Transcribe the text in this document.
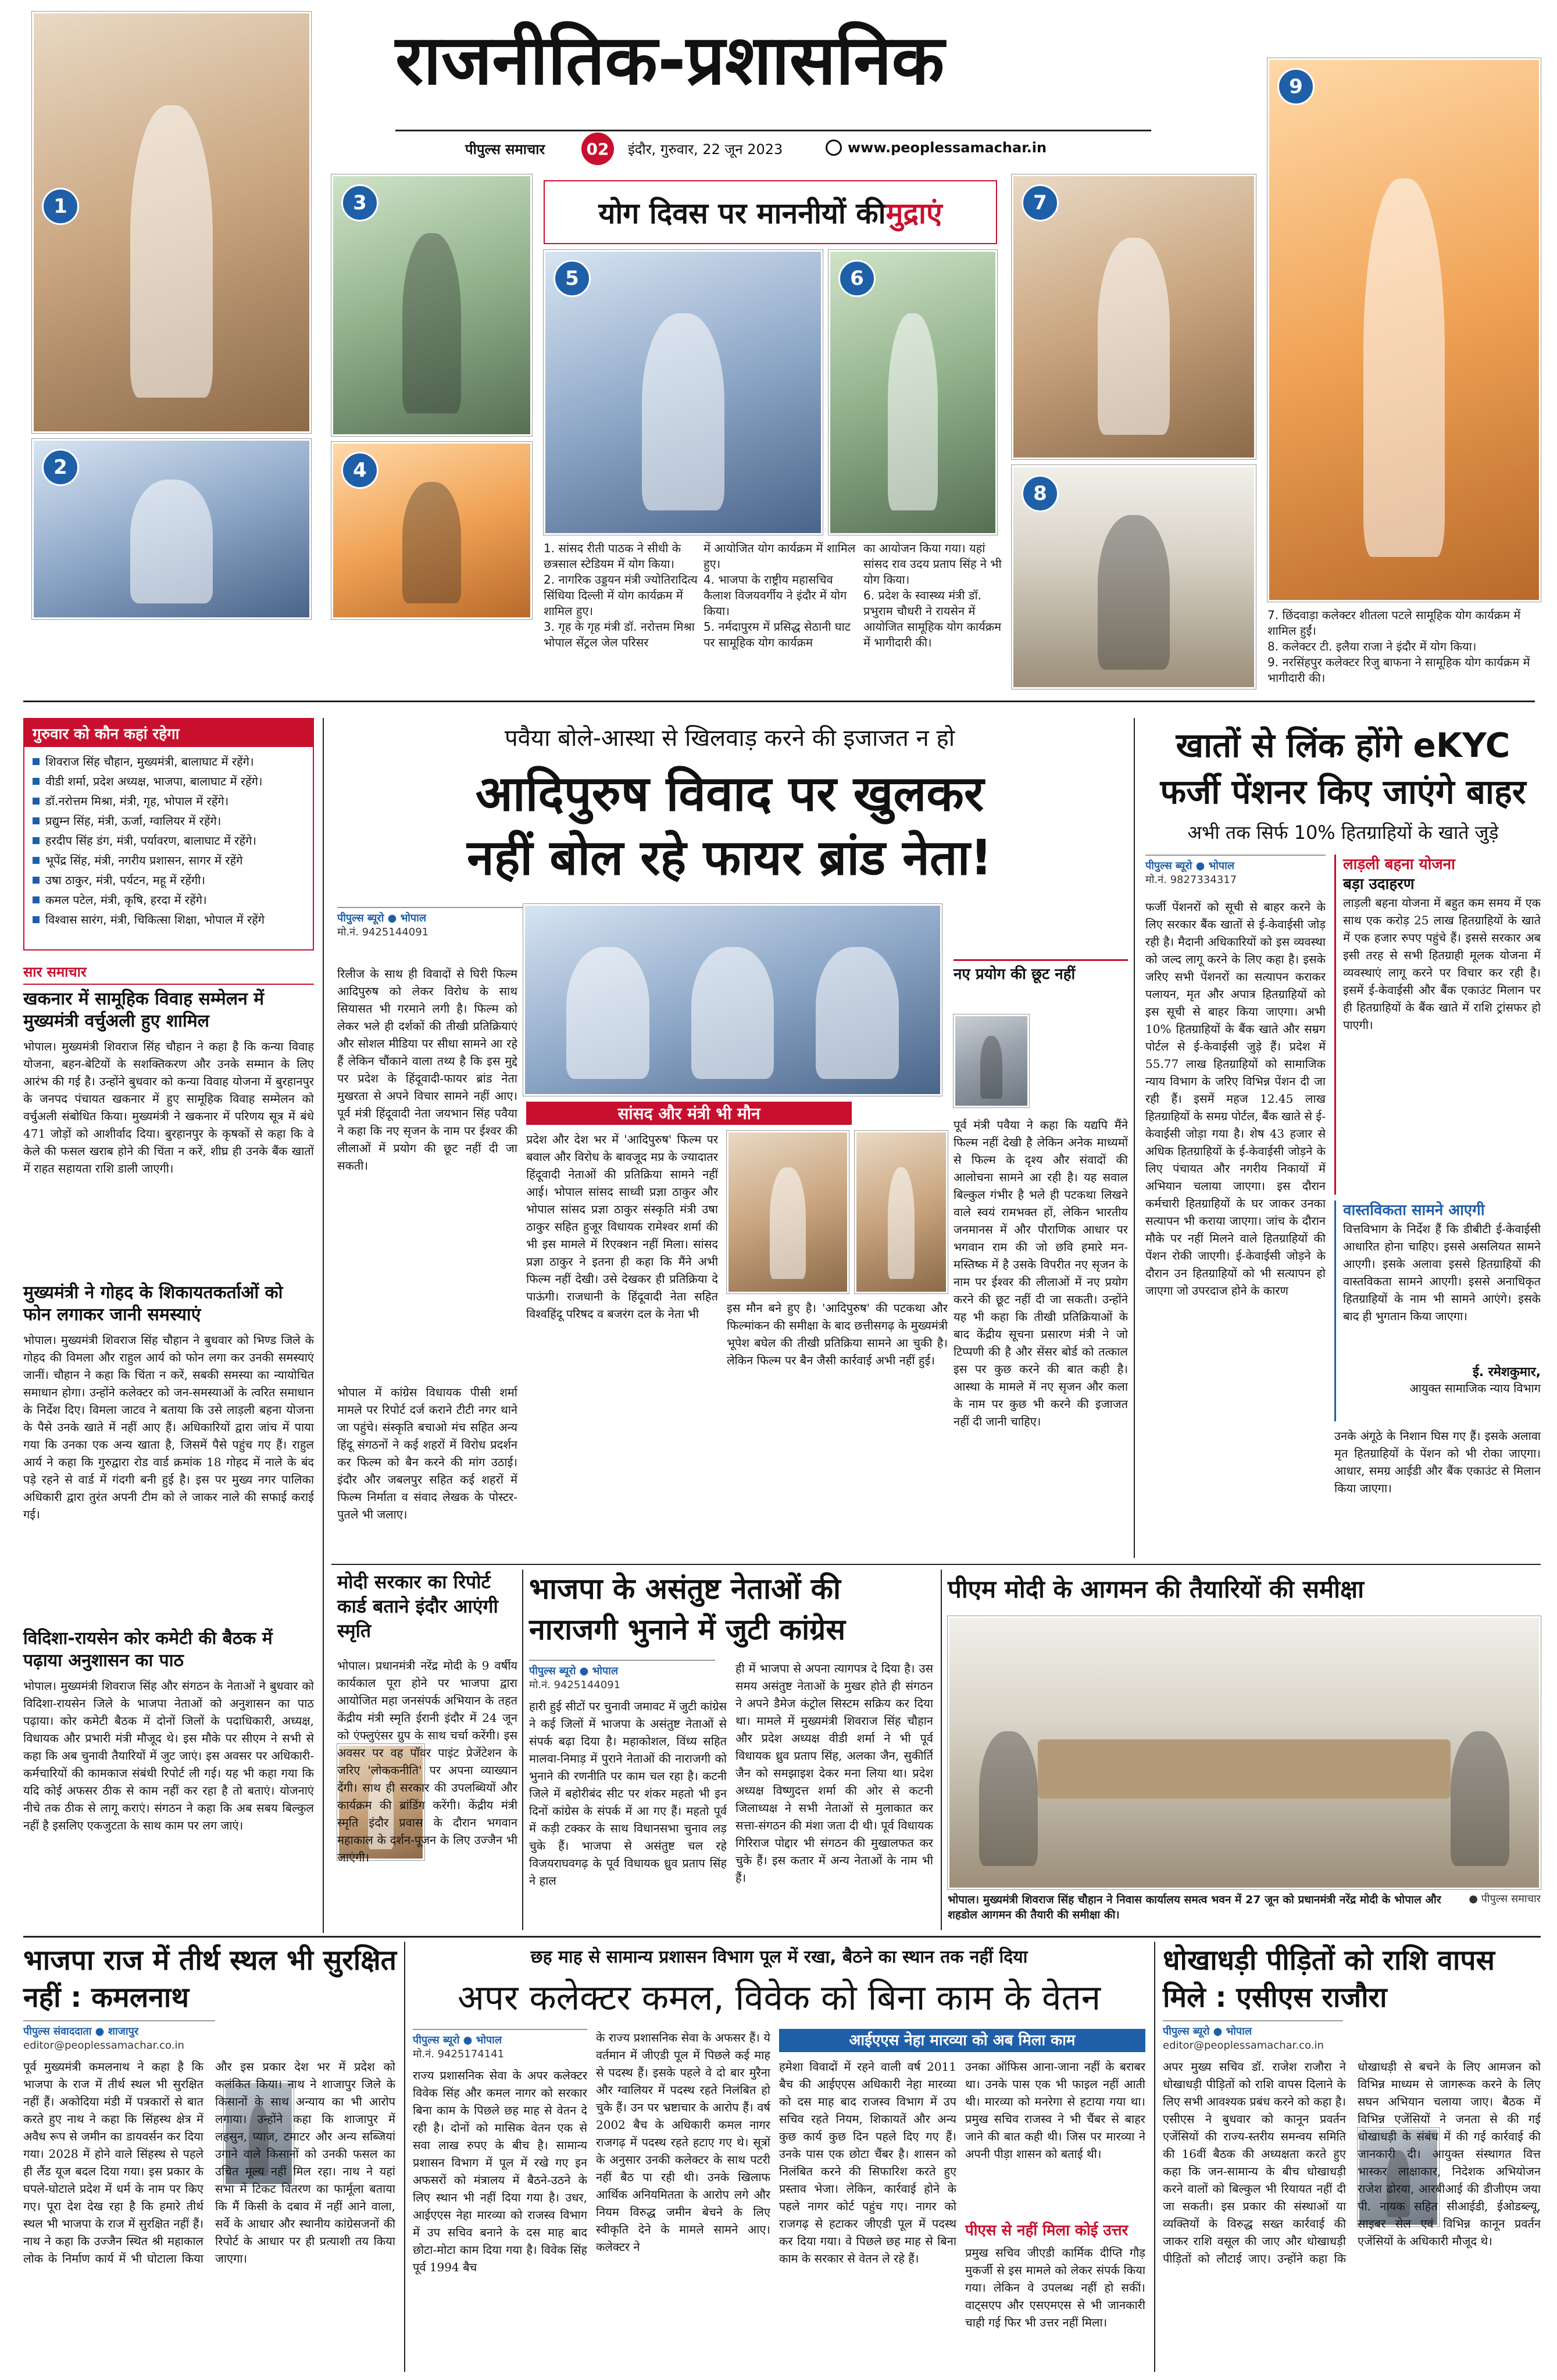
राजनीतिक-प्रशासनिक
पीपुल्स समाचार	02	इंदौर, गुरुवार, 22 जून 2023	www.peoplessamachar.in
1
2
3
4
योग दिवस पर माननीयों की मुद्राएं
5	6
7
8
9
1. सांसद रीती पाठक ने सीधी के छत्रसाल स्टेडियम में योग किया।
2. नागरिक उड्डयन मंत्री ज्योतिरादित्य सिंधिया दिल्ली में योग कार्यक्रम में शामिल हुए।
3. गृह के गृह मंत्री डॉ. नरोत्तम मिश्रा भोपाल सेंट्रल जेल परिसर
में आयोजित योग कार्यक्रम में शामिल हुए।
4. भाजपा के राष्ट्रीय महासचिव कैलाश विजयवर्गीय ने इंदौर में योग किया।
5. नर्मदापुरम में प्रसिद्ध सेठानी घाट पर सामूहिक योग कार्यक्रम
का आयोजन किया गया। यहां सांसद राव उदय प्रताप सिंह ने भी योग किया।
6. प्रदेश के स्वास्थ्य मंत्री डॉ. प्रभुराम चौधरी ने रायसेन में आयोजित सामूहिक योग कार्यक्रम में भागीदारी की।
7. छिंदवाड़ा कलेक्टर शीतला पटले सामूहिक योग कार्यक्रम में शामिल हुईं।
8. कलेक्टर टी. इलैया राजा ने इंदौर में योग किया।
9. नरसिंहपुर कलेक्टर रिजु बाफना ने सामूहिक योग कार्यक्रम में भागीदारी की।
गुरुवार को कौन कहां रहेगा
शिवराज सिंह चौहान, मुख्यमंत्री, बालाघाट में रहेंगे।
वीडी शर्मा, प्रदेश अध्यक्ष, भाजपा, बालाघाट में रहेंगे।
डॉ.नरोत्तम मिश्रा, मंत्री, गृह, भोपाल में रहेंगे।
प्रद्युम्न सिंह, मंत्री, ऊर्जा, ग्वालियर में रहेंगे।
हरदीप सिंह डंग, मंत्री, पर्यावरण, बालाघाट में रहेंगे।
भूपेंद्र सिंह, मंत्री, नगरीय प्रशासन, सागर में रहेंगे
उषा ठाकुर, मंत्री, पर्यटन, महू में रहेंगी।
कमल पटेल, मंत्री, कृषि, हरदा में रहेंगे।
विश्वास सारंग, मंत्री, चिकित्सा शिक्षा, भोपाल में रहेंगे
सार समाचार
खकनार में सामूहिक विवाह सम्मेलन में मुख्यमंत्री वर्चुअली हुए शामिल
भोपाल। मुख्यमंत्री शिवराज सिंह चौहान ने कहा है कि कन्या विवाह योजना, बहन-बेटियों के सशक्तिकरण और उनके सम्मान के लिए आरंभ की गई है। उन्होंने बुधवार को कन्या विवाह योजना में बुरहानपुर के जनपद पंचायत खकनार में हुए सामूहिक विवाह सम्मेलन को वर्चुअली संबोधित किया। मुख्यमंत्री ने खकनार में परिणय सूत्र में बंधे 471 जोड़ों को आशीर्वाद दिया। बुरहानपुर के कृषकों से कहा कि वे केले की फसल खराब होने की चिंता न करें, शीघ्र ही उनके बैंक खातों में राहत सहायता राशि डाली जाएगी।
मुख्यमंत्री ने गोहद के शिकायतकर्ताओं को फोन लगाकर जानी समस्याएं
भोपाल। मुख्यमंत्री शिवराज सिंह चौहान ने बुधवार को भिण्ड जिले के गोहद की विमला और राहुल आर्य को फोन लगा कर उनकी समस्याएं जानीं। चौहान ने कहा कि चिंता न करें, सबकी समस्या का न्यायोचित समाधान होगा। उन्होंने कलेक्टर को जन-समस्याओं के त्वरित समाधान के निर्देश दिए। विमला जाटव ने बताया कि उसे लाड़ली बहना योजना के पैसे उनके खाते में नहीं आए हैं। अधिकारियों द्वारा जांच में पाया गया कि उनका एक अन्य खाता है, जिसमें पैसे पहुंच गए हैं। राहुल आर्य ने कहा कि गुरुद्वारा रोड वार्ड क्रमांक 18 गोहद में नाले के बंद पड़े रहने से वार्ड में गंदगी बनी हुई है। इस पर मुख्य नगर पालिका अधिकारी द्वारा तुरंत अपनी टीम को ले जाकर नाले की सफाई कराई गई।
विदिशा-रायसेन कोर कमेटी की बैठक में पढ़ाया अनुशासन का पाठ
भोपाल। मुख्यमंत्री शिवराज सिंह और संगठन के नेताओं ने बुधवार को विदिशा-रायसेन जिले के भाजपा नेताओं को अनुशासन का पाठ पढ़ाया। कोर कमेटी बैठक में दोनों जिलों के पदाधिकारी, अध्यक्ष, विधायक और प्रभारी मंत्री मौजूद थे। इस मौके पर सीएम ने सभी से कहा कि अब चुनावी तैयारियों में जुट जाएं। इस अवसर पर अधिकारी-कर्मचारियों की कामकाज संबंधी रिपोर्ट ली गई। यह भी कहा गया कि यदि कोई अफसर ठीक से काम नहीं कर रहा है तो बताएं। योजनाएं नीचे तक ठीक से लागू कराएं। संगठन ने कहा कि अब सबय बिल्कुल नहीं है इसलिए एकजुटता के साथ काम पर लग जाएं।
पवैया बोले-आस्था से खिलवाड़ करने की इजाजत न हो
आदिपुरुष विवाद पर खुलकर
नहीं बोल रहे फायर ब्रांड नेता!
पीपुल्स ब्यूरो ● भोपाल
मो.नं. 9425144091
रिलीज के साथ ही विवादों से घिरी फिल्म आदिपुरुष को लेकर विरोध के साथ सियासत भी गरमाने लगी है। फिल्म को लेकर भले ही दर्शकों की तीखी प्रतिक्रियाएं और सोशल मीडिया पर सीधा सामने आ रहे हैं लेकिन चौंकाने वाला तथ्य है कि इस मुद्दे पर प्रदेश के हिंदूवादी-फायर ब्रांड नेता मुखरता से अपने विचार सामने नहीं आए। पूर्व मंत्री हिंदूवादी नेता जयभान सिंह पवैया ने कहा कि नए सृजन के नाम पर ईश्वर की लीलाओं में प्रयोग की छूट नहीं दी जा सकती।
भोपाल में कांग्रेस विधायक पीसी शर्मा मामले पर रिपोर्ट दर्ज कराने टीटी नगर थाने जा पहुंचे। संस्कृति बचाओ मंच सहित अन्य हिंदू संगठनों ने कई शहरों में विरोध प्रदर्शन कर फिल्म को बैन करने की मांग उठाई। इंदौर और जबलपुर सहित कई शहरों में फिल्म निर्माता व संवाद लेखक के पोस्टर-पुतले भी जलाए।
सांसद और मंत्री भी मौन
प्रदेश और देश भर में 'आदिपुरुष' फिल्म पर बवाल और विरोध के बावजूद मप्र के ज्यादातर हिंदूवादी नेताओं की प्रतिक्रिया सामने नहीं आई। भोपाल सांसद साध्वी प्रज्ञा ठाकुर और भोपाल सांसद प्रज्ञा ठाकुर संस्कृति मंत्री उषा ठाकुर सहित हुजूर विधायक रामेश्वर शर्मा की भी इस मामले में रिएक्शन नहीं मिला। सांसद प्रज्ञा ठाकुर ने इतना ही कहा कि मैंने अभी फिल्म नहीं देखी। उसे देखकर ही प्रतिक्रिया दे पाऊंगी। राजधानी के हिंदूवादी नेता सहित विश्वहिंदू परिषद व बजरंग दल के नेता भी	इस मौन बने हुए है। 'आदिपुरुष' की पटकथा और फिल्मांकन की समीक्षा के बाद छत्तीसगढ़ के मुख्यमंत्री भूपेश बघेल की तीखी प्रतिक्रिया सामने आ चुकी है। लेकिन फिल्म पर बैन जैसी कार्रवाई अभी नहीं हुई।
नए प्रयोग की छूट नहीं
पूर्व मंत्री पवैया ने कहा कि यद्यपि मैंने फिल्म नहीं देखी है लेकिन अनेक माध्यमों से फिल्म के दृश्य और संवादों की आलोचना सामने आ रही है। यह सवाल बिल्कुल गंभीर है भले ही पटकथा लिखने वाले स्वयं रामभक्त हों, लेकिन भारतीय जनमानस में और पौराणिक आधार पर भगवान राम की जो छवि हमारे मन-मस्तिष्क में है उसके विपरीत नए सृजन के नाम पर ईश्वर की लीलाओं में नए प्रयोग करने की छूट नहीं दी जा सकती। उन्होंने यह भी कहा कि तीखी प्रतिक्रियाओं के बाद केंद्रीय सूचना प्रसारण मंत्री ने जो टिप्पणी की है और सेंसर बोर्ड को तत्काल इस पर कुछ करने की बात कही है। आस्था के मामले में नए सृजन और कला के नाम पर कुछ भी करने की इजाजत नहीं दी जानी चाहिए।
खातों से लिंक होंगे eKYC
फर्जी पेंशनर किए जाएंगे बाहर
अभी तक सिर्फ 10% हितग्राहियों के खाते जुड़े
पीपुल्स ब्यूरो ● भोपाल
मो.नं. 9827334317
फर्जी पेंशनरों को सूची से बाहर करने के लिए सरकार बैंक खातों से ई-केवाईसी जोड़ रही है। मैदानी अधिकारियों को इस व्यवस्था को जल्द लागू करने के लिए कहा है। इसके जरिए सभी पेंशनरों का सत्यापन कराकर पलायन, मृत और अपात्र हितग्राहियों को इस सूची से बाहर किया जाएगा। अभी 10% हितग्राहियों के बैंक खाते और सम्रग पोर्टल से ई-केवाईसी जुड़े हैं। प्रदेश में 55.77 लाख हितग्राहियों को सामाजिक न्याय विभाग के जरिए विभिन्न पेंशन दी जा रही हैं। इसमें महज 12.45 लाख हितग्राहियों के समग्र पोर्टल, बैंक खाते से ई-केवाईसी जोड़ा गया है। शेष 43 हजार से अधिक हितग्राहियों के ई-केवाईसी जोड़ने के लिए पंचायत और नगरीय निकायों में अभियान चलाया जाएगा। इस दौरान कर्मचारी हितग्राहियों के घर जाकर उनका सत्यापन भी कराया जाएगा। जांच के दौरान मौके पर नहीं मिलने वाले हितग्राहियों की पेंशन रोकी जाएगी। ई-केवाईसी जोड़ने के दौरान उन हितग्राहियों को भी सत्यापन हो जाएगा जो उपरदाज होने के कारण
लाड़ली बहना योजना
बड़ा उदाहरण
लाड़ली बहना योजना में बहुत कम समय में एक साथ एक करोड़ 25 लाख हितग्राहियों के खाते में एक हजार रुपए पहुंचे हैं। इससे सरकार अब इसी तरह से सभी हितग्राही मूलक योजना में व्यवस्थाएं लागू करने पर विचार कर रही है। इसमें ई-केवाईसी और बैंक एकाउंट मिलान पर ही हितग्राहियों के बैंक खाते में राशि ट्रांसफर हो पाएगी।
वास्तविकता सामने आएगी
वित्तविभाग के निर्देश हैं कि डीबीटी ई-केवाईसी आधारित होना चाहिए। इससे असलियत सामने आएगी। इसके अलावा इससे हितग्राहियों की वास्तविकता सामने आएगी। इससे अनाधिकृत हितग्राहियों के नाम भी सामने आएंगे। इसके बाद ही भुगतान किया जाएगा।
ई. रमेशकुमार,
आयुक्त सामाजिक न्याय विभाग
उनके अंगूठे के निशान घिस गए हैं। इसके अलावा मृत हितग्राहियों के पेंशन को भी रोका जाएगा। आधार, समग्र आईडी और बैंक एकाउंट से मिलान किया जाएगा।
मोदी सरकार का रिपोर्ट कार्ड बताने इंदौर आएंगी स्मृति
भोपाल। प्रधानमंत्री नरेंद्र मोदी के 9 वर्षीय कार्यकाल पूरा होने पर भाजपा द्वारा आयोजित महा जनसंपर्क अभियान के तहत केंद्रीय मंत्री स्मृति ईरानी इंदौर में 24 जून को एंफ्लुएंसर ग्रुप के साथ चर्चा करेंगी। इस अवसर पर वह पॉवर पाइंट प्रेजेंटेशन के जरिए 'लोककनीति' पर अपना व्याख्यान देंगी। साथ ही सरकार की उपलब्धियों और कार्यक्रम की ब्रांडिंग करेंगी। केंद्रीय मंत्री स्मृति इंदौर प्रवास के दौरान भगवान महाकाल के दर्शन-पूजन के लिए उज्जैन भी जाएंगी।
भाजपा के असंतुष्ट नेताओं की
नाराजगी भुनाने में जुटी कांग्रेस
पीपुल्स ब्यूरो ● भोपाल
मो.नं. 9425144091
हारी हुई सीटों पर चुनावी जमावट में जुटी कांग्रेस ने कई जिलों में भाजपा के असंतुष्ट नेताओं से संपर्क बढ़ा दिया है। महाकोशल, विंध्य सहित मालवा-निमाड़ में पुराने नेताओं की नाराजगी को भुनाने की रणनीति पर काम चल रहा है। कटनी जिले में बहोरीबंद सीट पर शंकर महतो भी इन दिनों कांग्रेस के संपर्क में आ गए हैं। महतो पूर्व में कड़ी टक्कर के साथ विधानसभा चुनाव लड़ चुके हैं। भाजपा से असंतुष्ट चल रहे विजयराघवगढ़ के पूर्व विधायक ध्रुव प्रताप सिंह ने हाल
ही में भाजपा से अपना त्यागपत्र दे दिया है। उस समय असंतुष्ट नेताओं के मुखर होते ही संगठन ने अपने डैमेज कंट्रोल सिस्टम सक्रिय कर दिया था। मामले में मुख्यमंत्री शिवराज सिंह चौहान और प्रदेश अध्यक्ष वीडी शर्मा ने भी पूर्व विधायक ध्रुव प्रताप सिंह, अलका जैन, सुकीर्ति जैन को समझाइश देकर मना लिया था। प्रदेश अध्यक्ष विष्णुदत्त शर्मा की ओर से कटनी जिलाध्यक्ष ने सभी नेताओं से मुलाकात कर सत्ता-संगठन की मंशा जता दी थी। पूर्व विधायक गिरिराज पोद्दार भी संगठन की मुखालफत कर चुके हैं। इस कतार में अन्य नेताओं के नाम भी हैं।
पीएम मोदी के आगमन की तैयारियों की समीक्षा
भोपाल। मुख्यमंत्री शिवराज सिंह चौहान ने निवास कार्यालय समत्व भवन में 27 जून को प्रधानमंत्री नरेंद्र मोदी के भोपाल और शहडोल आगमन की तैयारी की समीक्षा की।
● पीपुल्स समाचार
भाजपा राज में तीर्थ स्थल भी सुरक्षित नहीं : कमलनाथ
पीपुल्स संवाददाता ● शाजापुर
editor@peoplessamachar.co.in
पूर्व मुख्यमंत्री कमलनाथ ने कहा है कि भाजपा के राज में तीर्थ स्थल भी सुरक्षित नहीं हैं। अकोदिया मंडी में पत्रकारों से बात करते हुए नाथ ने कहा कि सिंहस्थ क्षेत्र में अवैध रूप से जमीन का डायवर्सन कर दिया गया। 2028 में होने वाले सिंहस्थ से पहले ही लैंड यूज बदल दिया गया। इस प्रकार के घपले-घोटाले प्रदेश में धर्म के नाम पर किए गए। पूरा देश देख रहा है कि हमारे तीर्थ स्थल भी भाजपा के राज में सुरक्षित नहीं हैं। नाथ ने कहा कि उज्जैन स्थित श्री महाकाल लोक के निर्माण कार्य में भी घोटाला किया और इस प्रकार देश भर में प्रदेश को कलंकित किया। नाथ ने शाजापुर जिले के किसानों के साथ अन्याय का भी आरोप लगाया। उन्होंने कहा कि शाजापुर में लहसुन, प्याज, टमाटर और अन्य सब्जियां उगाने वाले किसानों को उनकी फसल का उचित मूल्य नहीं मिल रहा। नाथ ने यहां सभा में टिकट वितरण का फार्मूला बताया कि मैं किसी के दबाव में नहीं आने वाला, सर्वे के आधार और स्थानीय कांग्रेसजनों की रिपोर्ट के आधार पर ही प्रत्याशी तय किया जाएगा।
छह माह से सामान्य प्रशासन विभाग पूल में रखा, बैठने का स्थान तक नहीं दिया
अपर कलेक्टर कमल, विवेक को बिना काम के वेतन
पीपुल्स ब्यूरो ● भोपाल
मो.नं. 9425174141
राज्य प्रशासनिक सेवा के अपर कलेक्टर विवेक सिंह और कमल नागर को सरकार बिना काम के पिछले छह माह से वेतन दे रही है। दोनों को मासिक वेतन एक से सवा लाख रुपए के बीच है। सामान्य प्रशासन विभाग में पूल में रखे गए इन अफसरों को मंत्रालय में बैठने-उठने के लिए स्थान भी नहीं दिया गया है। उधर, आईएएस नेहा मारव्या को राजस्व विभाग में उप सचिव बनाने के दस माह बाद छोटा-मोटा काम दिया गया है। विवेक सिंह पूर्व 1994 बैच
के राज्य प्रशासनिक सेवा के अफसर हैं। ये वर्तमान में जीएडी पूल में पिछले कई माह से पदस्थ हैं। इसके पहले वे दो बार मुरैना और ग्वालियर में पदस्थ रहते निलंबित हो चुके हैं। उन पर भ्रष्टाचार के आरोप हैं। वर्ष 2002 बैच के अधिकारी कमल नागर राजगढ़ में पदस्थ रहते हटाए गए थे। सूत्रों के अनुसार उनकी कलेक्टर के साथ पटरी नहीं बैठ पा रही थी। उनके खिलाफ आर्थिक अनियमितता के आरोप लगे और नियम विरुद्ध जमीन बेचने के लिए स्वीकृति देने के मामले सामने आए। कलेक्टर ने
आईएएस नेहा मारव्या को अब मिला काम
हमेशा विवादों में रहने वाली वर्ष 2011 बैच की आईएएस अधिकारी नेहा मारव्या को दस माह बाद राजस्व विभाग में उप सचिव रहते नियम, शिकायतें और अन्य कुछ कार्य कुछ दिन पहले दिए गए हैं। उनके पास एक छोटा चैंबर है। शासन को निलंबित करने की सिफारिश करते हुए प्रस्ताव भेजा। लेकिन, कार्रवाई होने के पहले नागर कोर्ट पहुंच गए। नागर को राजगढ़ से हटाकर जीएडी पूल में पदस्थ कर दिया गया। वे पिछले छह माह से बिना काम के सरकार से वेतन ले रहे हैं।
उनका ऑफिस आना-जाना नहीं के बराबर था। उनके पास एक भी फाइल नहीं आती थी। मारव्या को मनरेगा से हटाया गया था। प्रमुख सचिव राजस्व ने भी चैंबर से बाहर जाने की बात कही थी। जिस पर मारव्या ने अपनी पीड़ा शासन को बताई थी।
पीएस से नहीं मिला कोई उत्तर
प्रमुख सचिव जीएडी कार्मिक दीप्ति गौड़ मुकर्जी से इस मामले को लेकर संपर्क किया गया। लेकिन वे उपलब्ध नहीं हो सकीं। वाट्सएप और एसएमएस से भी जानकारी चाही गई फिर भी उत्तर नहीं मिला।
धोखाधड़ी पीड़ितों को राशि वापस मिले : एसीएस राजौरा
पीपुल्स ब्यूरो ● भोपाल
editor@peoplessamachar.co.in
अपर मुख्य सचिव डॉ. राजेश राजौरा ने धोखाधड़ी पीड़ितों को राशि वापस दिलाने के लिए सभी आवश्यक प्रबंध करने को कहा है। एसीएस ने बुधवार को कानून प्रवर्तन एजेंसियों की राज्य-स्तरीय समन्वय समिति की 16वीं बैठक की अध्यक्षता करते हुए कहा कि जन-सामान्य के बीच धोखाधड़ी करने वालों को बिल्कुल भी रियायत नहीं दी जा सकती। इस प्रकार की संस्थाओं या व्यक्तियों के विरुद्ध सख्त कार्रवाई की जाकर राशि वसूल की जाए और धोखाधड़ी पीड़ितों को लौटाई जाए। उन्होंने कहा कि धोखाधड़ी से बचने के लिए आमजन को विभिन्न माध्यम से जागरूक करने के लिए सघन अभियान चलाया जाए। बैठक में विभिन्न एजेंसियों ने जनता से की गई धोखाधड़ी के संबंध में की गई कार्रवाई की जानकारी दी। आयुक्त संस्थागत वित्त भास्कर लाक्षाकार, निदेशक अभियोजन राजेश ढोरया, आरबीआई की डीजीएम जया पी. नायक सहित सीआईडी, ईओडब्ल्यू, साइबर सेल एवं विभिन्न कानून प्रवर्तन एजेंसियों के अधिकारी मौजूद थे।
